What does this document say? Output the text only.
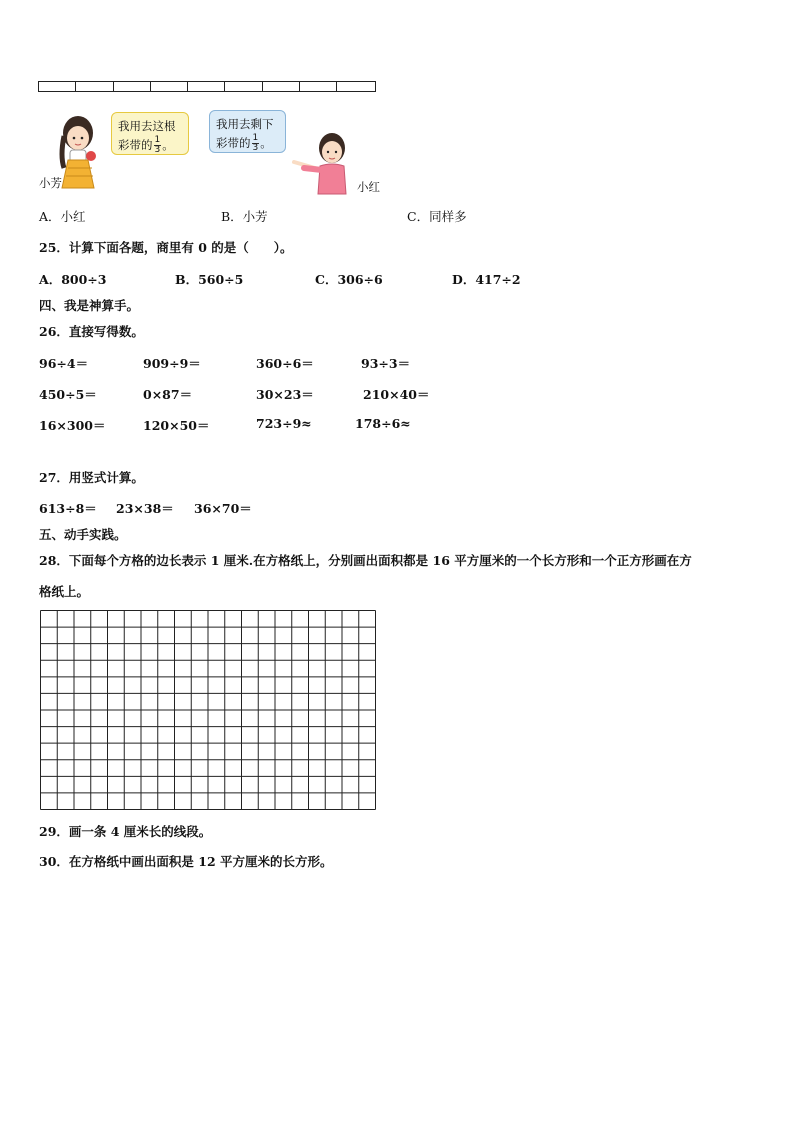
小芳
我用去这根
彩带的 $\frac{1}{3}$ 。
我用去剩下
彩带的 $\frac{1}{3}$ 。
小红
A．小红	B．小芳	C．同样多
25．计算下面各题，商里有 0 的是（　　）。
A．800÷3	B．560÷5	C．306÷6	D．417÷2
四、我是神算手。
26．直接写得数。
96÷4＝	909÷9＝	360÷6＝	93÷3＝
450÷5＝	0×87＝	30×23＝	210×40＝
16×300＝	120×50＝	723÷9≈	178÷6≈
27．用竖式计算。
613÷8＝ 23×38＝ 36×70＝
五、动手实践。
28．下面每个方格的边长表示 1 厘米.在方格纸上，分别画出面积都是 16 平方厘米的一个长方形和一个正方形画在方
格纸上。
29．画一条 4 厘米长的线段。
30．在方格纸中画出面积是 12 平方厘米的长方形。
